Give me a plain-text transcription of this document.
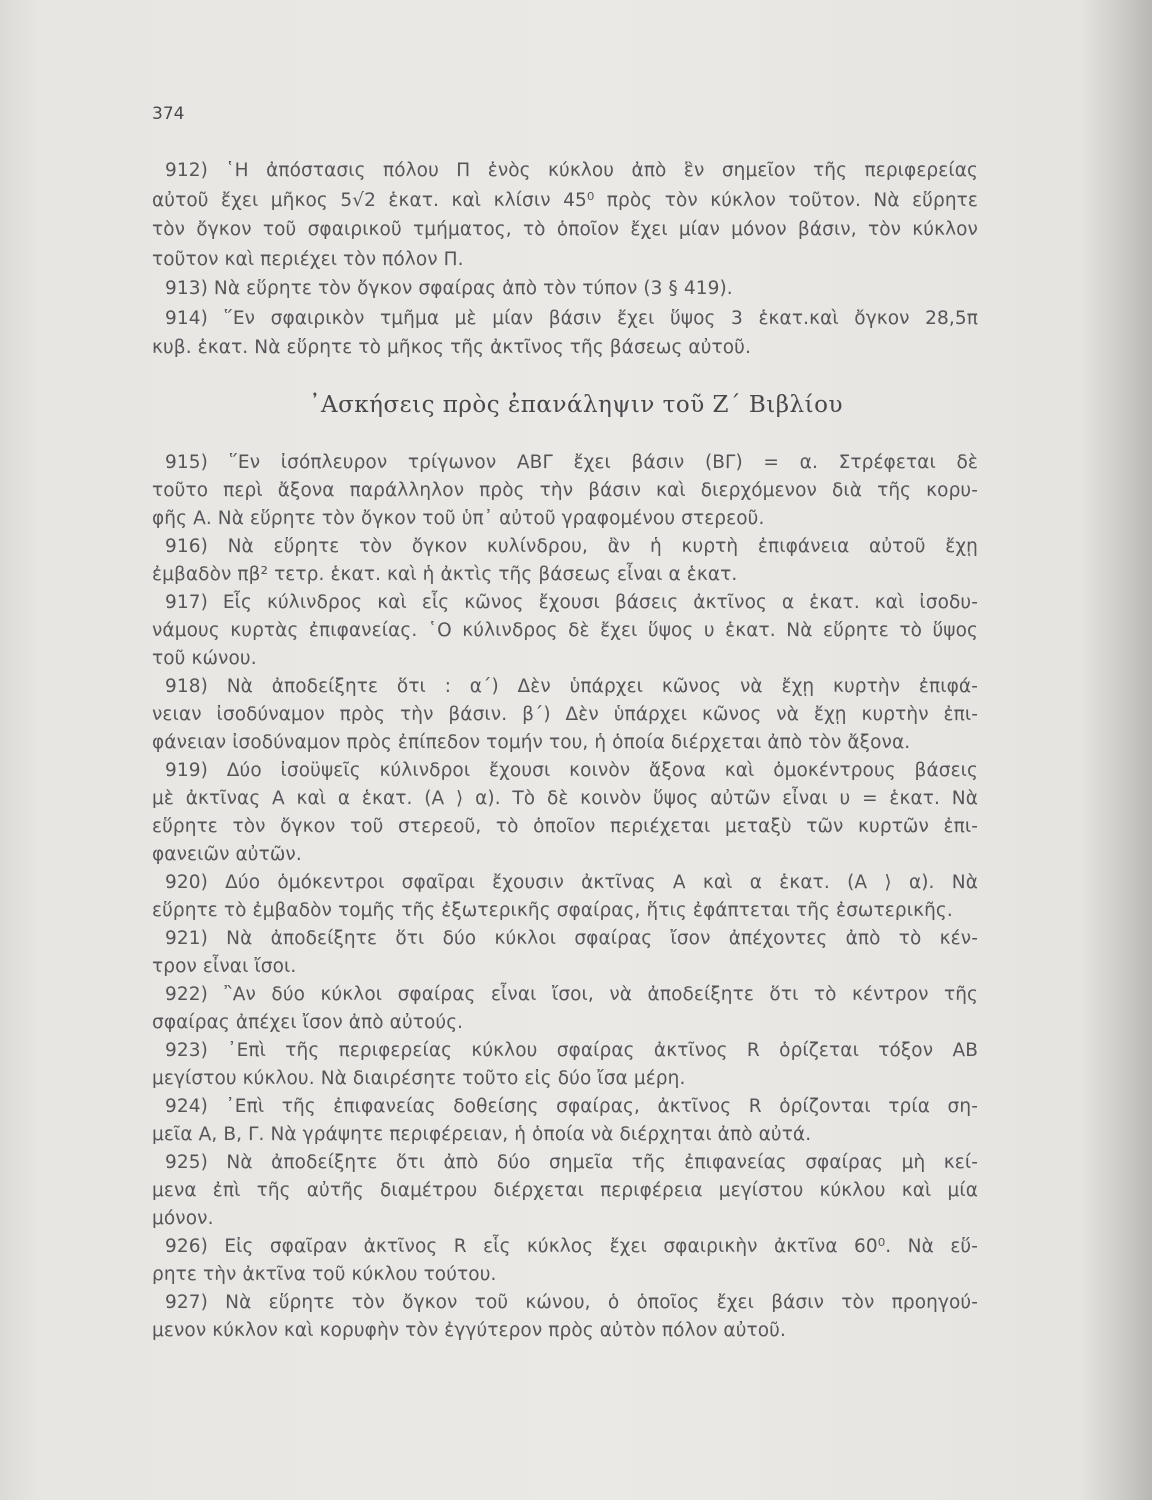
374
912) ῾Η ἀπόστασις πόλου Π ἑνὸς κύκλου ἀπὸ ἓν σημεῖον τῆς περιφερείας
αὐτοῦ ἔχει μῆκος 5√2 ἑκατ. καὶ κλίσιν 45⁰ πρὸς τὸν κύκλον τοῦτον. Νὰ εὕρητε
τὸν ὄγκον τοῦ σφαιρικοῦ τμήματος, τὸ ὁποῖον ἔχει μίαν μόνον βάσιν, τὸν κύκλον
τοῦτον καὶ περιέχει τὸν πόλον Π.
913) Νὰ εὕρητε τὸν ὄγκον σφαίρας ἀπὸ τὸν τύπον (3 § 419).
914) ῞Εν σφαιρικὸν τμῆμα μὲ μίαν βάσιν ἔχει ὕψος 3 ἑκατ.καὶ ὄγκον 28,5π
κυβ. ἑκατ. Νὰ εὕρητε τὸ μῆκος τῆς ἀκτῖνος τῆς βάσεως αὐτοῦ.
᾿Ασκήσεις πρὸς ἐπανάληψιν τοῦ Ζ΄ Βιβλίου
915) ῞Εν ἰσόπλευρον τρίγωνον ΑΒΓ ἔχει βάσιν (ΒΓ) = α. Στρέφεται δὲ
τοῦτο περὶ ἄξονα παράλληλον πρὸς τὴν βάσιν καὶ διερχόμενον διὰ τῆς κορυ-
φῆς Α. Νὰ εὕρητε τὸν ὄγκον τοῦ ὑπ᾿ αὐτοῦ γραφομένου στερεοῦ.
916) Νὰ εὕρητε τὸν ὄγκον κυλίνδρου, ἂν ἡ κυρτὴ ἐπιφάνεια αὐτοῦ ἔχῃ
ἐμβαδὸν πβ² τετρ. ἑκατ. καὶ ἡ ἀκτὶς τῆς βάσεως εἶναι α ἑκατ.
917) Εἷς κύλινδρος καὶ εἷς κῶνος ἔχουσι βάσεις ἀκτῖνος α ἑκατ. καὶ ἰσοδυ-
νάμους κυρτὰς ἐπιφανείας. ῾Ο κύλινδρος δὲ ἔχει ὕψος υ ἑκατ. Νὰ εὕρητε τὸ ὕψος
τοῦ κώνου.
918) Νὰ ἀποδείξητε ὅτι : α΄) Δὲν ὑπάρχει κῶνος νὰ ἔχῃ κυρτὴν ἐπιφά-
νειαν ἰσοδύναμον πρὸς τὴν βάσιν. β΄) Δὲν ὑπάρχει κῶνος νὰ ἔχῃ κυρτὴν ἐπι-
φάνειαν ἰσοδύναμον πρὸς ἐπίπεδον τομήν του, ἡ ὁποία διέρχεται ἀπὸ τὸν ἄξονα.
919) Δύο ἰσοϋψεῖς κύλινδροι ἔχουσι κοινὸν ἄξονα καὶ ὁμοκέντρους βάσεις
μὲ ἀκτῖνας Α καὶ α ἑκατ. (Α ⟩ α). Τὸ δὲ κοινὸν ὕψος αὐτῶν εἶναι υ = ἑκατ. Νὰ
εὕρητε τὸν ὄγκον τοῦ στερεοῦ, τὸ ὁποῖον περιέχεται μεταξὺ τῶν κυρτῶν ἐπι-
φανειῶν αὐτῶν.
920) Δύο ὁμόκεντροι σφαῖραι ἔχουσιν ἀκτῖνας Α καὶ α ἑκατ. (Α ⟩ α). Νὰ
εὕρητε τὸ ἐμβαδὸν τομῆς τῆς ἐξωτερικῆς σφαίρας, ἥτις ἐφάπτεται τῆς ἐσωτερικῆς.
921) Νὰ ἀποδείξητε ὅτι δύο κύκλοι σφαίρας ἴσον ἀπέχοντες ἀπὸ τὸ κέν-
τρον εἶναι ἴσοι.
922) ῍Αν δύο κύκλοι σφαίρας εἶναι ἴσοι, νὰ ἀποδείξητε ὅτι τὸ κέντρον τῆς
σφαίρας ἀπέχει ἴσον ἀπὸ αὐτούς.
923) ᾿Επὶ τῆς περιφερείας κύκλου σφαίρας ἀκτῖνος R ὁρίζεται τόξον ΑΒ
μεγίστου κύκλου. Νὰ διαιρέσητε τοῦτο εἰς δύο ἴσα μέρη.
924) ᾿Επὶ τῆς ἐπιφανείας δοθείσης σφαίρας, ἀκτῖνος R ὁρίζονται τρία ση-
μεῖα Α, Β, Γ. Νὰ γράψητε περιφέρειαν, ἡ ὁποία νὰ διέρχηται ἀπὸ αὐτά.
925) Νὰ ἀποδείξητε ὅτι ἀπὸ δύο σημεῖα τῆς ἐπιφανείας σφαίρας μὴ κεί-
μενα ἐπὶ τῆς αὐτῆς διαμέτρου διέρχεται περιφέρεια μεγίστου κύκλου καὶ μία
μόνον.
926) Εἰς σφαῖραν ἀκτῖνος R εἷς κύκλος ἔχει σφαιρικὴν ἀκτῖνα 60⁰. Νὰ εὕ-
ρητε τὴν ἀκτῖνα τοῦ κύκλου τούτου.
927) Νὰ εὕρητε τὸν ὄγκον τοῦ κώνου, ὁ ὁποῖος ἔχει βάσιν τὸν προηγού-
μενον κύκλον καὶ κορυφὴν τὸν ἐγγύτερον πρὸς αὐτὸν πόλον αὐτοῦ.
